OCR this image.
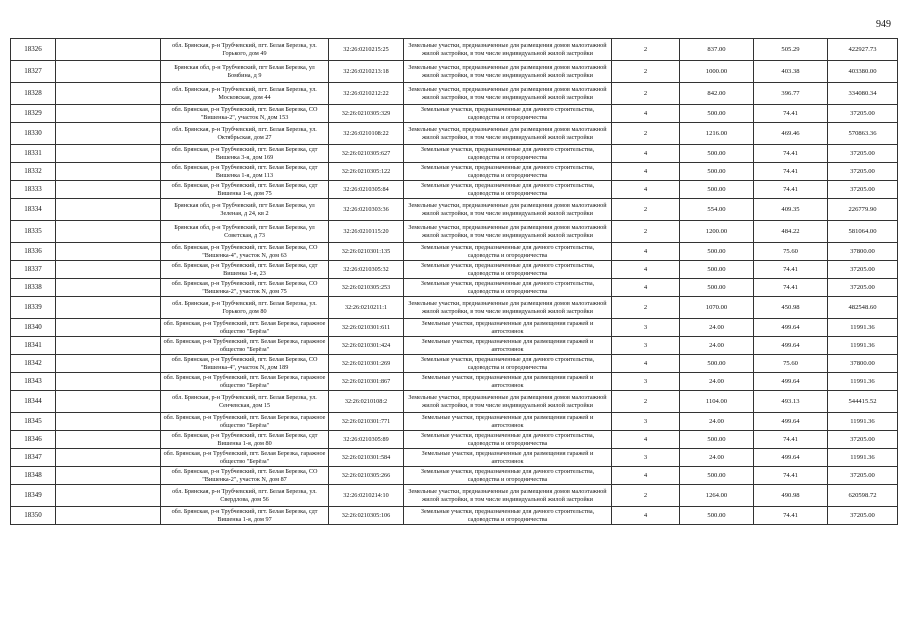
949
18326		обл. Брянская, р-н Трубчевский, пгт. Белая Березка, ул. Горького, дом 49	32:26:0210215:25	Земельные участки, предназначенные для размещения домов малоэтажной жилой застройки, в том числе индивидуальной жилой застройки	2	837.00	505.29	422927.73
18327		Брянская обл, р-н Трубчевский, пгт Белая Березка, ул Бомбина, д 9	32:26:0210213:18	Земельные участки, предназначенные для размещения домов малоэтажной жилой застройки, в том числе индивидуальной жилой застройки	2	1000.00	403.38	403380.00
18328		обл. Брянская, р-н Трубчевский, пгт. Белая Березка, ул. Московская, дом 44	32:26:0210212:22	Земельные участки, предназначенные для размещения домов малоэтажной жилой застройки, в том числе индивидуальной жилой застройки	2	842.00	396.77	334080.34
18329		обл. Брянская, р-н Трубчевский, пгт. Белая Березка, СО "Вишенка-2", участок N, дом 153	32:26:0210305:329	Земельные участки, предназначенные для дачного строительства, садоводства и огородничества	4	500.00	74.41	37205.00
18330		обл. Брянская, р-н Трубчевский, пгт. Белая Березка, ул. Октябрьская, дом 27	32:26:0210108:22	Земельные участки, предназначенные для размещения домов малоэтажной жилой застройки, в том числе индивидуальной жилой застройки	2	1216.00	469.46	570863.36
18331		обл. Брянская, р-н Трубчевский, пгт. Белая Березка, сдт Вишенка 3-я, дом 169	32:26:0210305:627	Земельные участки, предназначенные для дачного строительства, садоводства и огородничества	4	500.00	74.41	37205.00
18332		обл. Брянская, р-н Трубчевский, пгт. Белая Березка, сдт Вишенка 1-я, дом 113	32:26:0210305:122	Земельные участки, предназначенные для дачного строительства, садоводства и огородничества	4	500.00	74.41	37205.00
18333		обл. Брянская, р-н Трубчевский, пгт. Белая Березка, сдт Вишенка 1-я, дом 75	32:26:0210305:84	Земельные участки, предназначенные для дачного строительства, садоводства и огородничества	4	500.00	74.41	37205.00
18334		Брянская обл, р-н Трубчевский, пгт Белая Березка, ул Зеленая, д 24, кв 2	32:26:0210303:36	Земельные участки, предназначенные для размещения домов малоэтажной жилой застройки, в том числе индивидуальной жилой застройки	2	554.00	409.35	226779.90
18335		Брянская обл, р-н Трубчевский, пгт Белая Березка, ул Советская, д 73	32:26:0210115:20	Земельные участки, предназначенные для размещения домов малоэтажной жилой застройки, в том числе индивидуальной жилой застройки	2	1200.00	484.22	581064.00
18336		обл. Брянская, р-н Трубчевский, пгт. Белая Березка, СО "Вишенка-4", участок N, дом 63	32:26:0210301:135	Земельные участки, предназначенные для дачного строительства, садоводства и огородничества	4	500.00	75.60	37800.00
18337		обл. Брянская, р-н Трубчевский, пгт. Белая Березка, сдт Вишенка 1-я, 23	32:26:0210305:32	Земельные участки, предназначенные для дачного строительства, садоводства и огородничества	4	500.00	74.41	37205.00
18338		обл. Брянская, р-н Трубчевский, пгт. Белая Березка, СО "Вишенка-2", участок N, дом 75	32:26:0210305:253	Земельные участки, предназначенные для дачного строительства, садоводства и огородничества	4	500.00	74.41	37205.00
18339		обл. Брянская, р-н Трубчевский, пгт. Белая Березка, ул. Горького, дом 80	32:26:0210211:1	Земельные участки, предназначенные для размещения домов малоэтажной жилой застройки, в том числе индивидуальной жилой застройки	2	1070.00	450.98	482548.60
18340		обл. Брянская, р-н Трубчевский, пгт. Белая Березка, гаражное общество "Берёза"	32:26:0210301:611	Земельные участки, предназначенные для размещения гаражей и автостоянок	3	24.00	499.64	11991.36
18341		обл. Брянская, р-н Трубчевский, пгт. Белая Березка, гаражное общество "Берёза"	32:26:0210301:424	Земельные участки, предназначенные для размещения гаражей и автостоянок	3	24.00	499.64	11991.36
18342		обл. Брянская, р-н Трубчевский, пгт. Белая Березка, СО "Вишенка-4", участок N, дом 189	32:26:0210301:269	Земельные участки, предназначенные для дачного строительства, садоводства и огородничества	4	500.00	75.60	37800.00
18343		обл. Брянская, р-н Трубчевский, пгт. Белая Березка, гаражное общество "Берёза"	32:26:0210301:867	Земельные участки, предназначенные для размещения гаражей и автостоянок	3	24.00	499.64	11991.36
18344		обл. Брянская, р-н Трубчевский, пгт. Белая Березка, ул. Сенчевская, дом 15	32:26:0210108:2	Земельные участки, предназначенные для размещения домов малоэтажной жилой застройки, в том числе индивидуальной жилой застройки	2	1104.00	493.13	544415.52
18345		обл. Брянская, р-н Трубчевский, пгт. Белая Березка, гаражное общество "Берёза"	32:26:0210301:771	Земельные участки, предназначенные для размещения гаражей и автостоянок	3	24.00	499.64	11991.36
18346		обл. Брянская, р-н Трубчевский, пгт. Белая Березка, сдт Вишенка 1-я, дом 80	32:26:0210305:89	Земельные участки, предназначенные для дачного строительства, садоводства и огородничества	4	500.00	74.41	37205.00
18347		обл. Брянская, р-н Трубчевский, пгт. Белая Березка, гаражное общество "Берёза"	32:26:0210301:584	Земельные участки, предназначенные для размещения гаражей и автостоянок	3	24.00	499.64	11991.36
18348		обл. Брянская, р-н Трубчевский, пгт. Белая Березка, СО "Вишенка-2", участок N, дом 87	32:26:0210305:266	Земельные участки, предназначенные для дачного строительства, садоводства и огородничества	4	500.00	74.41	37205.00
18349		обл. Брянская, р-н Трубчевский, пгт. Белая Березка, ул. Свердлова, дом 56	32:26:0210214:10	Земельные участки, предназначенные для размещения домов малоэтажной жилой застройки, в том числе индивидуальной жилой застройки	2	1264.00	490.98	620598.72
18350		обл. Брянская, р-н Трубчевский, пгт. Белая Березка, сдт Вишенка 1-я, дом 97	32:26:0210305:106	Земельные участки, предназначенные для дачного строительства, садоводства и огородничества	4	500.00	74.41	37205.00
